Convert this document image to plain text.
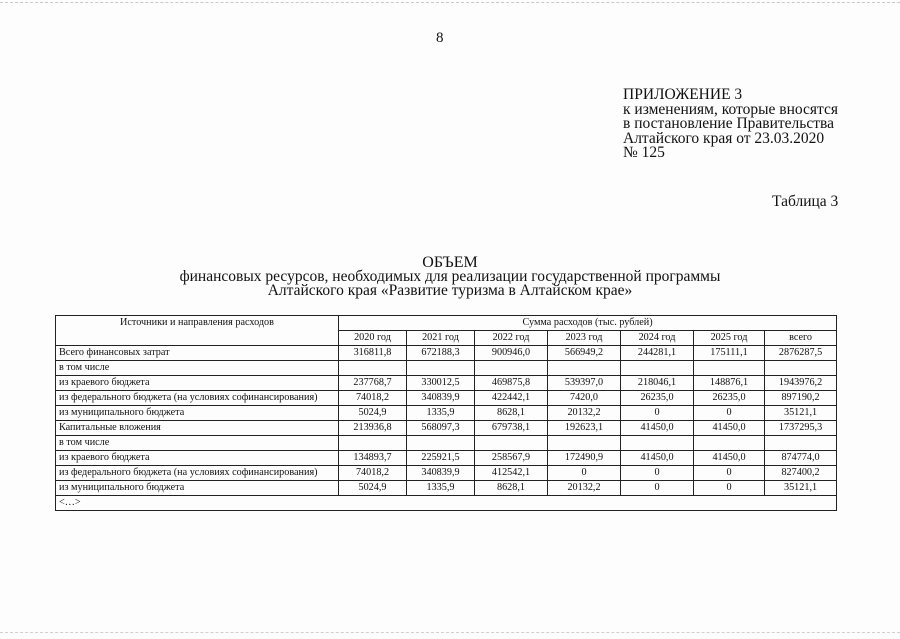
8
ПРИЛОЖЕНИЕ 3
к изменениям, которые вносятся
в постановление Правительства
Алтайского края от 23.03.2020
№ 125
Таблица 3
ОБЪЕМ
финансовых ресурсов, необходимых для реализации государственной программы
Алтайского края «Развитие туризма в Алтайском крае»
Источники и направления расходов	Сумма расходов (тыс. рублей)						
	2020 год	2021 год	2022 год	2023 год	2024 год	2025 год	всего
Всего финансовых затрат	316811,8	672188,3	900946,0	566949,2	244281,1	175111,1	2876287,5
в том числе							
из краевого бюджета	237768,7	330012,5	469875,8	539397,0	218046,1	148876,1	1943976,2
из федерального бюджета (на условиях софинансирования)	74018,2	340839,9	422442,1	7420,0	26235,0	26235,0	897190,2
из муниципального бюджета	5024,9	1335,9	8628,1	20132,2	0	0	35121,1
Капитальные вложения	213936,8	568097,3	679738,1	192623,1	41450,0	41450,0	1737295,3
в том числе							
из краевого бюджета	134893,7	225921,5	258567,9	172490,9	41450,0	41450,0	874774,0
из федерального бюджета (на условиях софинансирования)	74018,2	340839,9	412542,1	0	0	0	827400,2
из муниципального бюджета	5024,9	1335,9	8628,1	20132,2	0	0	35121,1
<…>							
